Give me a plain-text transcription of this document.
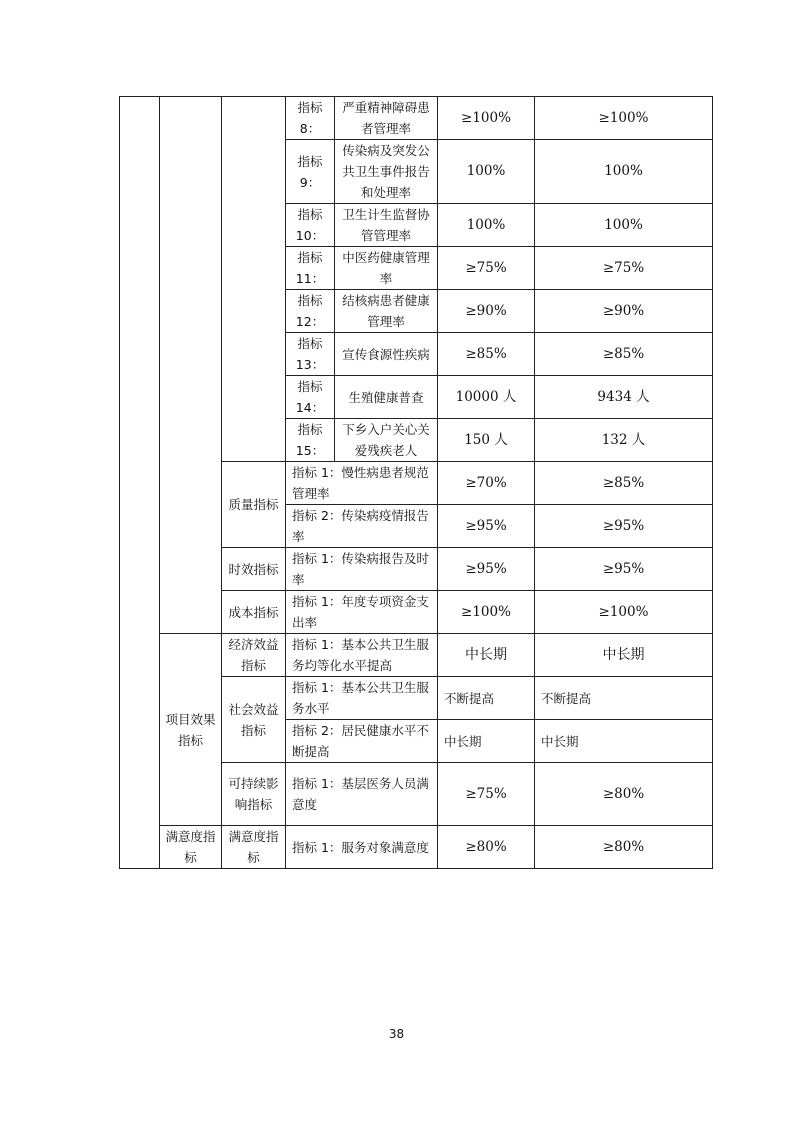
			指标8：	严重精神障碍患者管理率	≥100%	≥100%
			指标9：	传染病及突发公共卫生事件报告和处理率	100%	100%
			指标10：	卫生计生监督协管管理率	100%	100%
			指标11：	中医药健康管理率	≥75%	≥75%
			指标12：	结核病患者健康管理率	≥90%	≥90%
			指标13：	宣传食源性疾病	≥85%	≥85%
			指标14：	生殖健康普查	10000 人	9434 人
			指标15：	下乡入户关心关爱残疾老人	150 人	132 人
		质量指标	指标 1：慢性病患者规范管理率		≥70%	≥85%
			指标 2：传染病疫情报告率		≥95%	≥95%
		时效指标	指标 1：传染病报告及时率		≥95%	≥95%
		成本指标	指标 1：年度专项资金支出率		≥100%	≥100%
	项目效果指标	经济效益指标	指标 1：基本公共卫生服务均等化水平提高		中长期	中长期
		社会效益指标	指标 1：基本公共卫生服务水平		不断提高	不断提高
			指标 2：居民健康水平不断提高		中长期	中长期
		可持续影响指标	指标 1：基层医务人员满意度		≥75%	≥80%
	满意度指标	满意度指标	指标 1：服务对象满意度		≥80%	≥80%
38
